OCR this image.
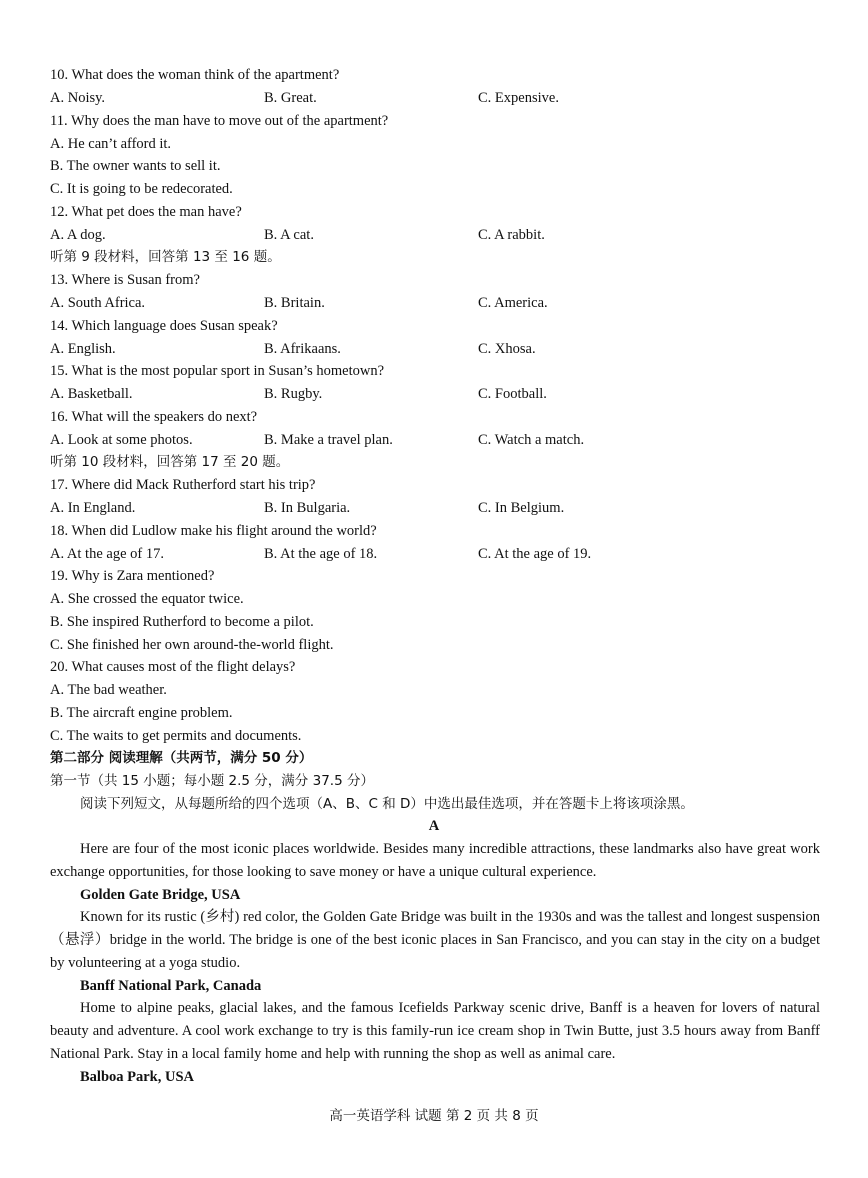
10. What does the woman think of the apartment?
A. Noisy.	B. Great.	C. Expensive.
11. Why does the man have to move out of the apartment?
A. He can’t afford it.
B. The owner wants to sell it.
C. It is going to be redecorated.
12. What pet does the man have?
A. A dog.	B. A cat.	C. A rabbit.
听第 9 段材料，回答第 13 至 16 题。
13. Where is Susan from?
A. South Africa.	B. Britain.	C. America.
14. Which language does Susan speak?
A. English.	B. Afrikaans.	C. Xhosa.
15. What is the most popular sport in Susan’s hometown?
A. Basketball.	B. Rugby.	C. Football.
16. What will the speakers do next?
A. Look at some photos.	B. Make a travel plan.	C. Watch a match.
听第 10 段材料，回答第 17 至 20 题。
17. Where did Mack Rutherford start his trip?
A. In England.	B. In Bulgaria.	C. In Belgium.
18. When did Ludlow make his flight around the world?
A. At the age of 17.	B. At the age of 18.	C. At the age of 19.
19. Why is Zara mentioned?
A. She crossed the equator twice.
B. She inspired Rutherford to become a pilot.
C. She finished her own around-the-world flight.
20. What causes most of the flight delays?
A. The bad weather.
B. The aircraft engine problem.
C. The waits to get permits and documents.
第二部分 阅读理解（共两节，满分 50 分）
第一节（共 15 小题；每小题 2.5 分，满分 37.5 分）
阅读下列短文，从每题所给的四个选项（A、B、C 和 D）中选出最佳选项，并在答题卡上将该项涂黑。
A
Here are four of the most iconic places worldwide. Besides many incredible attractions, these landmarks also have great work exchange opportunities, for those looking to save money or have a unique cultural experience.
Golden Gate Bridge, USA
Known for its rustic (乡村) red color, the Golden Gate Bridge was built in the 1930s and was the tallest and longest suspension（悬浮）bridge in the world. The bridge is one of the best iconic places in San Francisco, and you can stay in the city on a budget by volunteering at a yoga studio.
Banff National Park, Canada
Home to alpine peaks, glacial lakes, and the famous Icefields Parkway scenic drive, Banff is a heaven for lovers of natural beauty and adventure. A cool work exchange to try is this family-run ice cream shop in Twin Butte, just 3.5 hours away from Banff National Park. Stay in a local family home and help with running the shop as well as animal care.
Balboa Park, USA
高一英语学科 试题 第 2 页 共 8 页
